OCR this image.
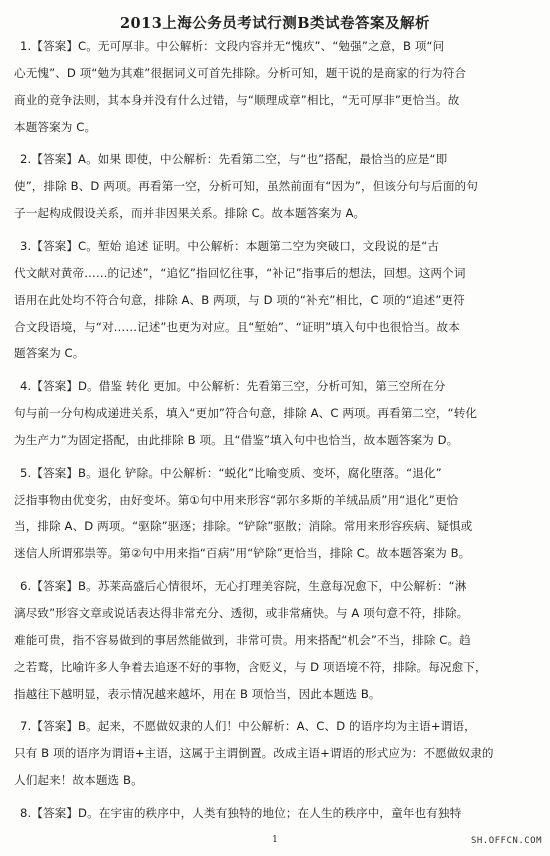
2013上海公务员考试行测B类试卷答案及解析
1.【答案】C。无可厚非。中公解析：文段内容并无“愧疚”、“勉强”之意，B 项“问
心无愧”、D 项“勉为其难”很据词义可首先排除。分析可知，题干说的是商家的行为符合
商业的竞争法则，其本身并没有什么过错，与“顺理成章”相比，“无可厚非”更恰当。故
本题答案为 C。
2.【答案】A。如果 即使，中公解析：先看第二空，与“也”搭配，最恰当的应是“即
使”，排除 B、D 两项。再看第一空，分析可知，虽然前面有“因为”，但该分句与后面的句
子一起构成假设关系，而并非因果关系。排除 C。故本题答案为 A。
3.【答案】C。堑始 追述 证明。中公解析：本题第二空为突破口，文段说的是“古
代文献对黄帝……的记述”，“追忆”指回忆往事，“补记”指事后的想法，回想。这两个词
语用在此处均不符合句意，排除 A、B 两项，与 D 项的“补充”相比，C 项的“追述”更符
合文段语境，与“对……记述”也更为对应。且“堑始”、“证明”填入句中也很恰当。故本
题答案为 C。
4.【答案】D。借鉴 转化 更加。中公解析：先看第三空，分析可知，第三空所在分
句与前一分句构成递进关系，填入“更加”符合句意，排除 A、C 两项。再看第二空，“转化
为生产力”为固定搭配，由此排除 B 项。且“借鉴”填入句中也恰当，故本题答案为 D。
5.【答案】B。退化 铲除。中公解析：“蜕化”比喻变质、变坏，腐化堕落。“退化”
泛指事物由优变劣，由好变坏。第①句中用来形容“郭尔多斯的羊绒品质”用“退化”更恰
当，排除 A、D 两项。“驱除”驱逐；排除。“铲除”驱散；消除。常用来形容疾病、疑惧或
迷信人所谓邪祟等。第②句中用来指“百病”用“铲除”更恰当，排除 C。故本题答案为 B。
6.【答案】B。苏莱高盛后心情很坏，无心打理美容院，生意每况愈下，中公解析：“淋
漓尽致”形容文章或说话表达得非常充分、透彻，或非常痛快。与 A 项句意不符，排除。
难能可贵，指不容易做到的事居然能做到，非常可贵。用来搭配“机会”不当，排除 C。趋
之若鹜，比喻许多人争着去追逐不好的事物，含贬义，与 D 项语境不符，排除。每况愈下，
指越往下越明显，表示情况越来越坏，用在 B 项恰当，因此本题选 B。
7.【答案】B。起来，不愿做奴隶的人们！中公解析：A、C、D 的语序均为主语+谓语，
只有 B 项的语序为谓语+主语，这属于主谓倒置。改成主语+谓语的形式应为：不愿做奴隶的
人们起来！故本题选 B。
8.【答案】D。在宇宙的秩序中，人类有独特的地位；在人生的秩序中，童年也有独特
1	SH.OFFCN.COM
